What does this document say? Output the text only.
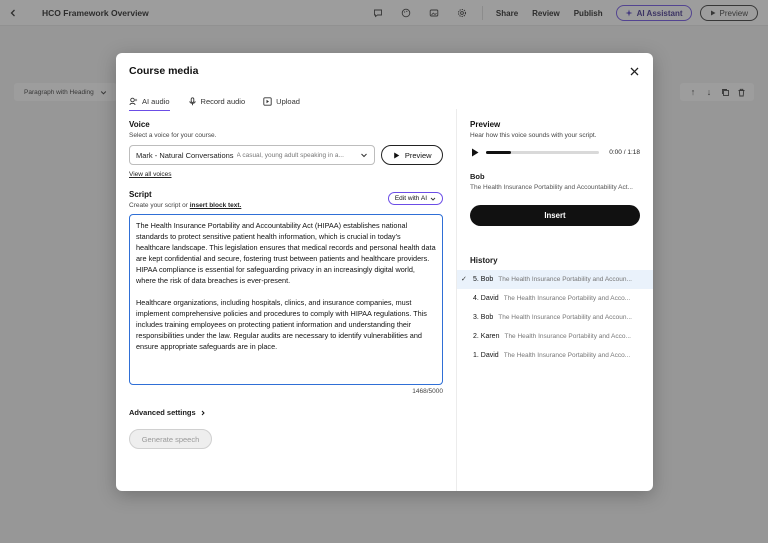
Course media
AI audio	Record audio	Upload
Voice
Select a voice for your course.
Mark - Natural Conversations A casual, young adult speaking in a...	Preview
View all voices
Script
Create your script or insert block text.
Edit with AI

The Health Insurance Portability and Accountability Act (HIPAA) establishes national standards to protect sensitive patient health information, which is crucial in today's healthcare landscape. This legislation ensures that medical records and personal health data are kept confidential and secure, fostering trust between patients and healthcare providers. HIPAA compliance is essential for safeguarding privacy in an increasingly digital world, where the risk of data breaches is ever-present.

Healthcare organizations, including hospitals, clinics, and insurance companies, must implement comprehensive policies and procedures to comply with HIPAA regulations. This includes training employees on protecting patient information and understanding their responsibilities under the law. Regular audits are necessary to identify vulnerabilities and ensure appropriate safeguards are in place.

1468/5000
Advanced settings
Generate speech
Preview
Hear how this voice sounds with your script.
0:00 / 1:18
Bob
The Health Insurance Portability and Accountability Act...
Insert
History
✓ 5. Bob The Health Insurance Portability and Accoun...
4. David The Health Insurance Portability and Acco...
3. Bob The Health Insurance Portability and Accoun...
2. Karen The Health Insurance Portability and Acco...
1. David The Health Insurance Portability and Acco...
